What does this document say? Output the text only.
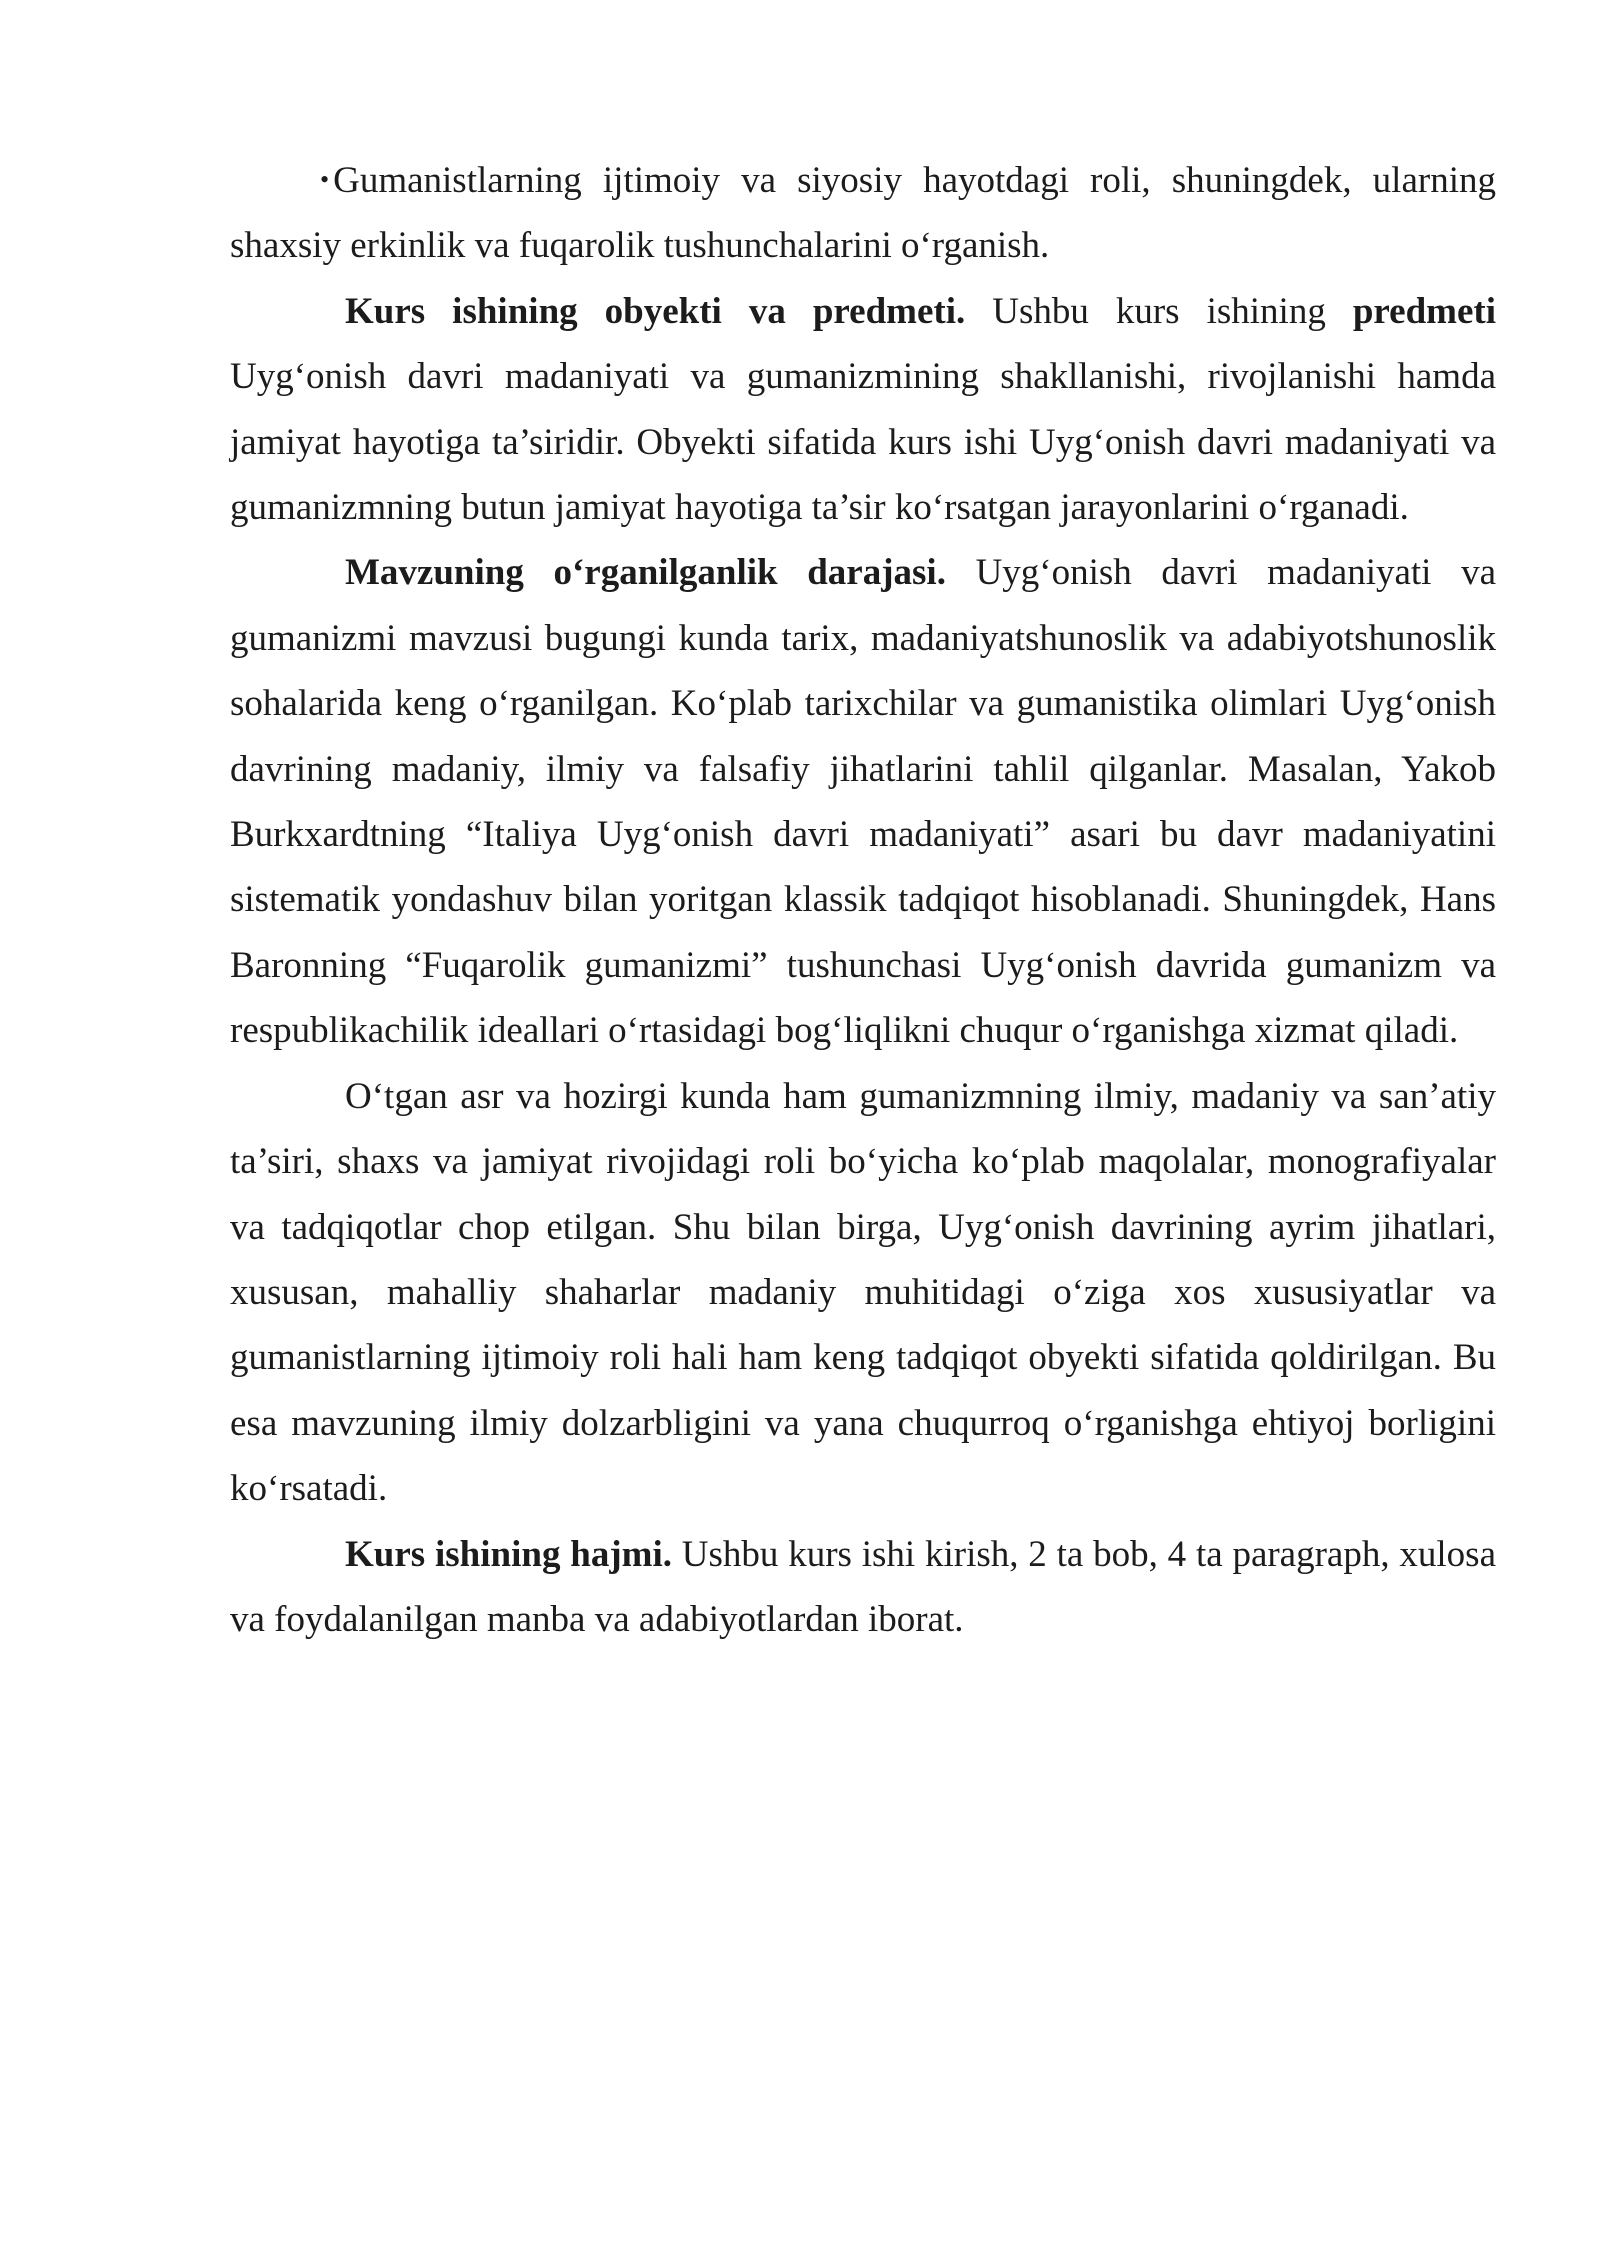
• Gumanistlarning ijtimoiy va siyosiy hayotdagi roli, shuningdek, ularning shaxsiy erkinlik va fuqarolik tushunchalarini o‘rganish.

Kurs ishining obyekti va predmeti. Ushbu kurs ishining predmeti Uyg‘onish davri madaniyati va gumanizmining shakllanishi, rivojlanishi hamda jamiyat hayotiga ta’siridir. Obyekti sifatida kurs ishi Uyg‘onish davri madaniyati va gumanizmning butun jamiyat hayotiga ta’sir ko‘rsatgan jarayonlarini o‘rganadi.

Mavzuning o‘rganilganlik darajasi. Uyg‘onish davri madaniyati va gumanizmi mavzusi bugungi kunda tarix, madaniyatshunoslik va adabiyotshunoslik sohalarida keng o‘rganilgan. Ko‘plab tarixchilar va gumanistika olimlari Uyg‘onish davrining madaniy, ilmiy va falsafiy jihatlarini tahlil qilganlar. Masalan, Yakob Burkxardtning “Italiya Uyg‘onish davri madaniyati” asari bu davr madaniyatini sistematik yondashuv bilan yoritgan klassik tadqiqot hisoblanadi. Shuningdek, Hans Baronning “Fuqarolik gumanizmi” tushunchasi Uyg‘onish davrida gumanizm va respublikachilik ideallari o‘rtasidagi bog‘liqlikni chuqur o‘rganishga xizmat qiladi.

O‘tgan asr va hozirgi kunda ham gumanizmning ilmiy, madaniy va san’atiy ta’siri, shaxs va jamiyat rivojidagi roli bo‘yicha ko‘plab maqolalar, monografiyalar va tadqiqotlar chop etilgan. Shu bilan birga, Uyg‘onish davrining ayrim jihatlari, xususan, mahalliy shaharlar madaniy muhitidagi o‘ziga xos xususiyatlar va gumanistlarning ijtimoiy roli hali ham keng tadqiqot obyekti sifatida qoldirilgan. Bu esa mavzuning ilmiy dolzarbligini va yana chuqurroq o‘rganishga ehtiyoj borligini ko‘rsatadi.

Kurs ishining hajmi. Ushbu kurs ishi kirish, 2 ta bob, 4 ta paragraph, xulosa va foydalanilgan manba va adabiyotlardan iborat.
